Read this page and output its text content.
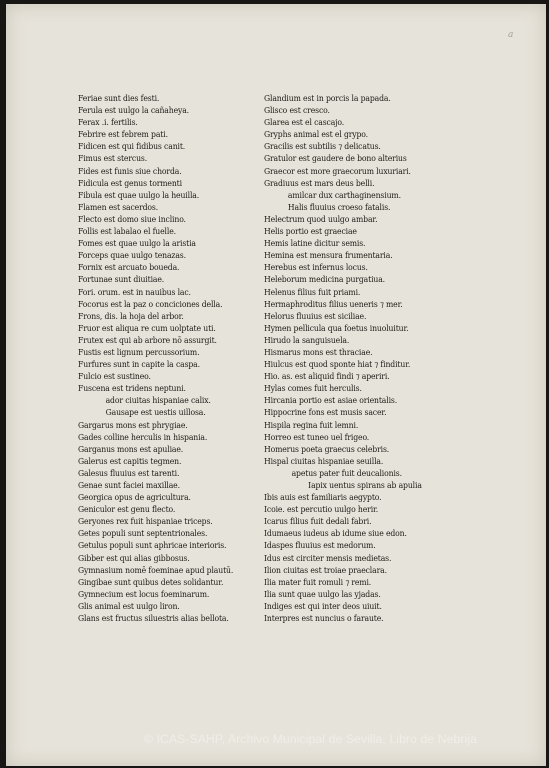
a
Feriae sunt dies festi.
Ferula est uulgo la cañaheya.
Ferax .i. fertilis.
Febrire est febrem pati.
Fidicen est qui fidibus canit.
Fimus est stercus.
Fides est funis siue chorda.
Fidicula est genus tormenti
Fibula est quae uulgo la heuilla.
Flamen est sacerdos.
Flecto est domo siue inclino.
Follis est labalao el fuelle.
Fomes est quae uulgo la aristia
Forceps quae uulgo tenazas.
Fornix est arcuato boueda.
Fortunae sunt diuitiae.
Fori. orum. est in nauibus lac.
Focorus est la paz o conciciones della.
Frons, dis. la hoja del arbor.
Fruor est aliqua re cum uolptate uti.
Frutex est qui ab arbore nō assurgit.
Fustis est lignum percussorium.
Furfures sunt in capite la caspa.
Fulcio est sustineo.
Fuscena est tridens neptuni.
ador ciuitas hispaniae calix.
Gausape est uestis uillosa.
Gargarus mons est phrygiae.
Gades colline herculis in hispania.
Garganus mons est apuliae.
Galerus est capitis tegmen.
Galesus fluuius est tarenti.
Genae sunt faciei maxillae.
Georgica opus de agricultura.
Geniculor est genu flecto.
Geryones rex fuit hispaniae triceps.
Getes populi sunt septentrionales.
Getulus populi sunt aphricae interioris.
Gibber est qui alias gibbosus.
Gymnasium nomē foeminae apud plautū.
Gingibae sunt quibus detes solidantur.
Gymnecium est locus foeminarum.
Glis animal est uulgo liron.
Glans est fructus siluestris alias bellota.
Glandium est in porcis la papada.
Glisco est cresco.
Glarea est el cascajo.
Gryphs animal est el grypo.
Gracilis est subtilis ⁊ delicatus.
Gratulor est gaudere de bono alterius
Graecor est more graecorum luxuriari.
Gradiuus est mars deus belli.
amilcar dux carthaginensium.
Halis fluuius croeso fatalis.
Helectrum quod uulgo ambar.
Helis portio est graeciae
Hemis latine dicitur semis.
Hemina est mensura frumentaria.
Herebus est infernus locus.
Heleborum medicina purgatiua.
Helenus filius fuit priami.
Hermaphroditus filius ueneris ⁊ mer.
Helorus fluuius est siciliae.
Hymen pellicula qua foetus inuoluitur.
Hirudo la sanguisuela.
Hismarus mons est thraciae.
Hiulcus est quod sponte hiat ⁊ finditur.
Hio. as. est aliquid findi ⁊ aperiri.
Hylas comes fuit herculis.
Hircania portio est asiae orientalis.
Hippocrine fons est musis sacer.
Hispila regina fuit lemni.
Horreo est tuneo uel frigeo.
Homerus poeta graecus celebris.
Hispal ciuitas hispaniae seuilla.
apetus pater fuit deucalionis.
Iapix uentus spirans ab apulia
Ibis auis est familiaris aegypto.
Icoie. est percutio uulgo herir.
Icarus filius fuit dedali fabri.
Idumaeus iudeus ab idume siue edon.
Idaspes fluuius est medorum.
Idus est circiter mensis medietas.
Ilion ciuitas est troiae praeclara.
Ilia mater fuit romuli ⁊ remi.
Ilia sunt quae uulgo las yjadas.
Indiges est qui inter deos uiuit.
Interpres est nuncius o faraute.
© ICAS-SAHP, Archivo Municipal de Sevilla, Libro de Nebrija
